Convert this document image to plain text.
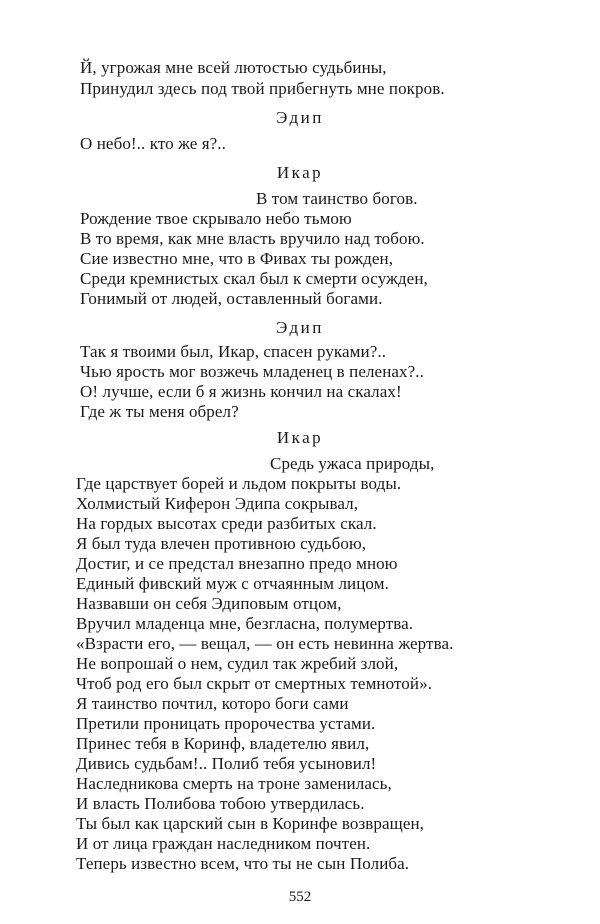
Й, угрожая мне всей лютостью судьбины,
Принудил здесь под твой прибегнуть мне покров.
Эдип
О небо!.. кто же я?..
Икар
В том таинство богов.
Рождение твое скрывало небо тьмою
В то время, как мне власть вручило над тобою.
Сие известно мне, что в Фивах ты рожден,
Среди кремнистых скал был к смерти осужден,
Гонимый от людей, оставленный богами.
Эдип
Так я твоими был, Икар, спасен руками?..
Чью ярость мог возжечь младенец в пеленах?..
О! лучше, если б я жизнь кончил на скалах!
Где ж ты меня обрел?
Икар
Средь ужаса природы,
Где царствует борей и льдом покрыты воды.
Холмистый Киферон Эдипа сокрывал,
На гордых высотах среди разбитых скал.
Я был туда влечен противною судьбою,
Достиг, и се предстал внезапно предо мною
Единый фивский муж с отчаянным лицом.
Назвавши он себя Эдиповым отцом,
Вручил младенца мне, безгласна, полумертва.
«Взрасти его, — вещал, — он есть невинна жертва.
Не вопрошай о нем, судил так жребий злой,
Чтоб род его был скрыт от смертных темнотой».
Я таинство почтил, которо боги сами
Претили проницать пророчества устами.
Принес тебя в Коринф, владетелю явил,
Дивись судьбам!.. Полиб тебя усыновил!
Наследникова смерть на троне заменилась,
И власть Полибова тобою утвердилась.
Ты был как царский сын в Коринфе возвращен,
И от лица граждан наследником почтен.
Теперь известно всем, что ты не сын Полиба.
552
